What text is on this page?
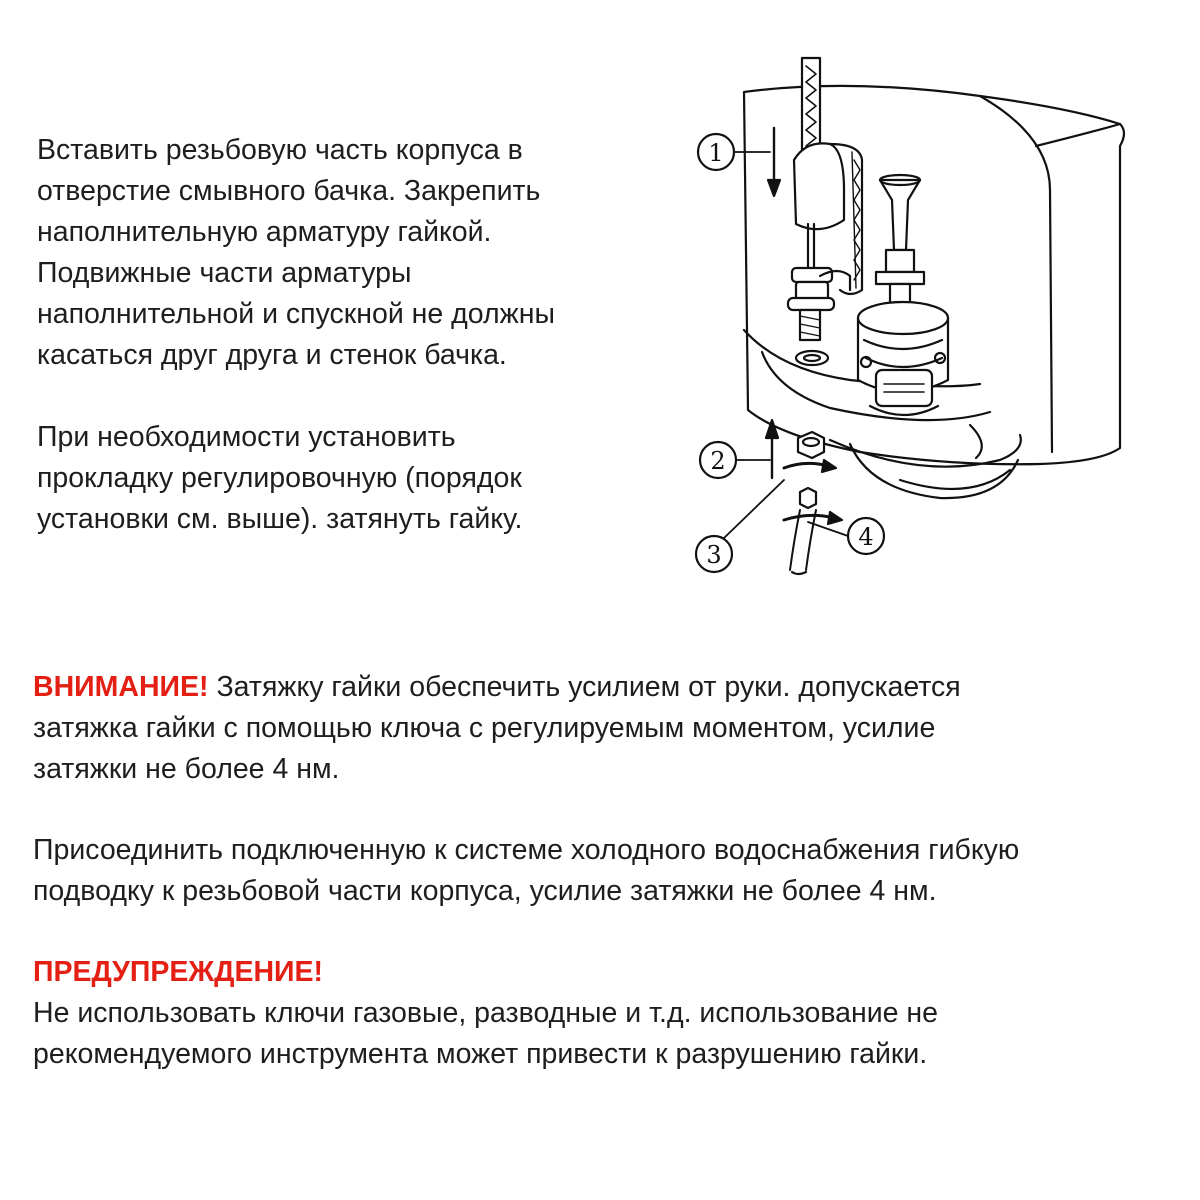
Вставить резьбовую часть корпуса в
отверстие смывного бачка. Закрепить
наполнительную арматуру гайкой.
Подвижные части арматуры
наполнительной и спускной не должны
касаться друг друга и стенок бачка.

При необходимости установить
прокладку регулировочную (порядок
установки см. выше). затянуть гайку.

ВНИМАНИЕ! Затяжку гайки обеспечить усилием от руки. допускается
затяжка гайки с помощью ключа с регулируемым моментом, усилие
затяжки не более 4 нм.

Присоединить подключенную к системе холодного водоснабжения гибкую
подводку к резьбовой части корпуса, усилие затяжки не более 4 нм.

ПРЕДУПРЕЖДЕНИЕ!

Не использовать ключи газовые, разводные и т.д. использование не
рекомендуемого инструмента может привести к разрушению гайки.

1
2
3
4
